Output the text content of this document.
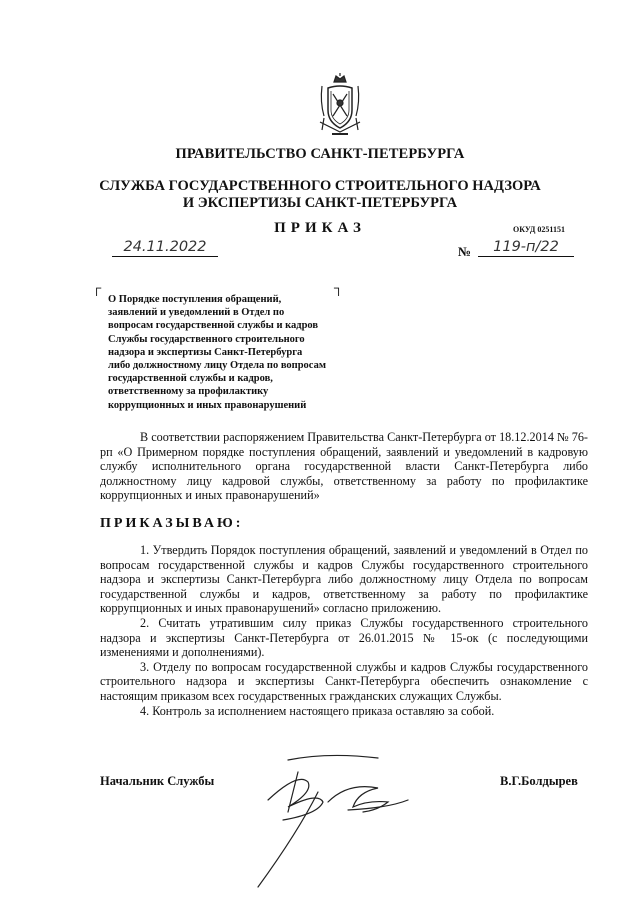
ПРАВИТЕЛЬСТВО САНКТ-ПЕТЕРБУРГА
СЛУЖБА ГОСУДАРСТВЕННОГО СТРОИТЕЛЬНОГО НАДЗОРА
И ЭКСПЕРТИЗЫ САНКТ-ПЕТЕРБУРГА
ПРИКАЗ	ОКУД 0251151
24.11.2022	№	119-п/22
┌	┐
О Порядке поступления обращений,
заявлений и уведомлений в Отдел по
вопросам государственной службы и кадров
Службы государственного строительного
надзора и экспертизы Санкт-Петербурга
либо должностному лицу Отдела по вопросам
государственной службы и кадров,
ответственному за профилактику
коррупционных и иных правонарушений

В соответствии распоряжением Правительства Санкт-Петербурга от 18.12.2014 № 76-рп «О Примерном порядке поступления обращений, заявлений и уведомлений в кадровую службу исполнительного органа государственной власти Санкт-Петербурга либо должностному лицу кадровой службы, ответственному за работу по профилактике коррупционных и иных правонарушений»

ПРИКАЗЫВАЮ:

1. Утвердить Порядок поступления обращений, заявлений и уведомлений в Отдел по вопросам государственной службы и кадров Службы государственного строительного надзора и экспертизы Санкт-Петербурга либо должностному лицу Отдела по вопросам государственной службы и кадров, ответственному за работу по профилактике коррупционных и иных правонарушений» согласно приложению.

2. Считать утратившим силу приказ Службы государственного строительного надзора и экспертизы Санкт-Петербурга от 26.01.2015 № 15-ок (с последующими изменениями и дополнениями).

3. Отделу по вопросам государственной службы и кадров Службы государственного строительного надзора и экспертизы Санкт-Петербурга обеспечить ознакомление с настоящим приказом всех государственных гражданских служащих Службы.

4. Контроль за исполнением настоящего приказа оставляю за собой.

Начальник Службы	В.Г.Болдырев
